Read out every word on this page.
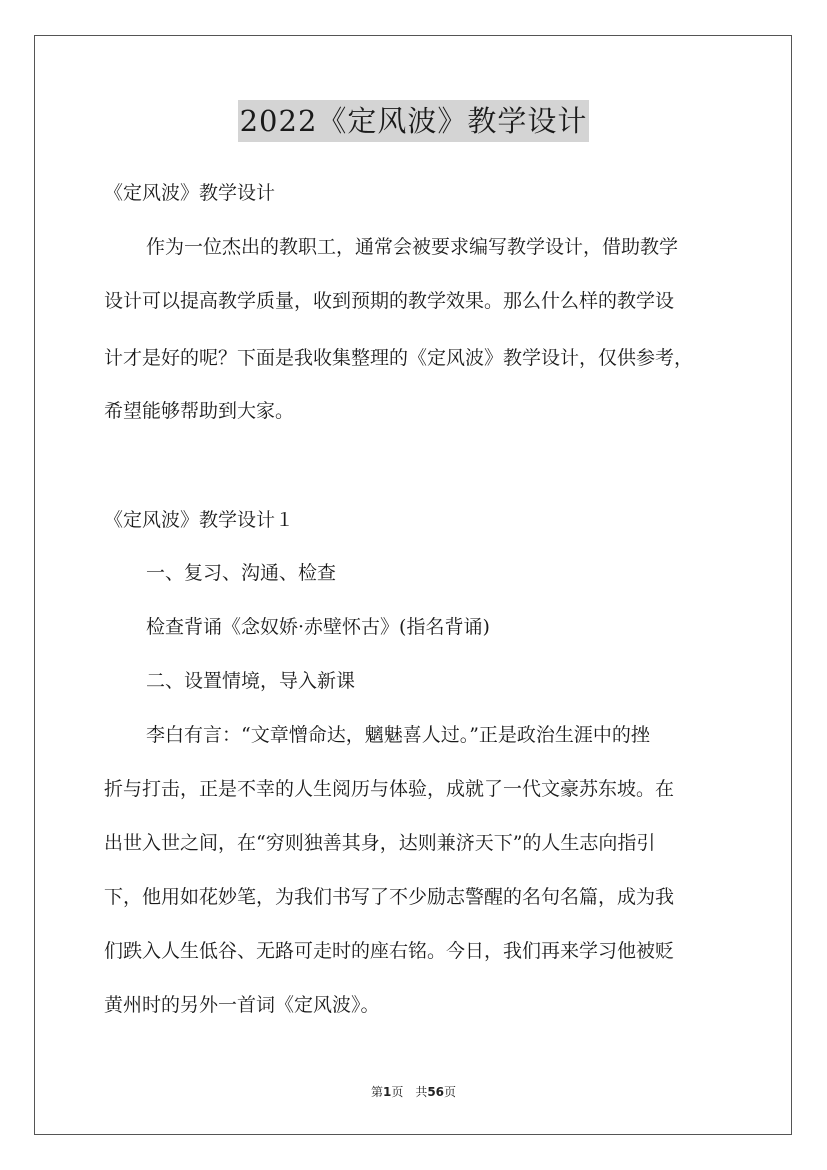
2022《定风波》教学设计

《定风波》教学设计

作为一位杰出的教职工，通常会被要求编写教学设计，借助教学

设计可以提高教学质量，收到预期的教学效果。那么什么样的教学设

计才是好的呢？下面是我收集整理的《定风波》教学设计，仅供参考，

希望能够帮助到大家。

《定风波》教学设计１

一、复习、沟通、检查

检查背诵《念奴娇·赤壁怀古》(指名背诵)

二、设置情境，导入新课

李白有言：“文章憎命达，魑魅喜人过。”正是政治生涯中的挫

折与打击，正是不幸的人生阅历与体验，成就了一代文豪苏东坡。在

出世入世之间，在“穷则独善其身，达则兼济天下”的人生志向指引

下，他用如花妙笔，为我们书写了不少励志警醒的名句名篇，成为我

们跌入人生低谷、无路可走时的座右铭。今日，我们再来学习他被贬

黄州时的另外一首词《定风波》。

第1页　共56页
